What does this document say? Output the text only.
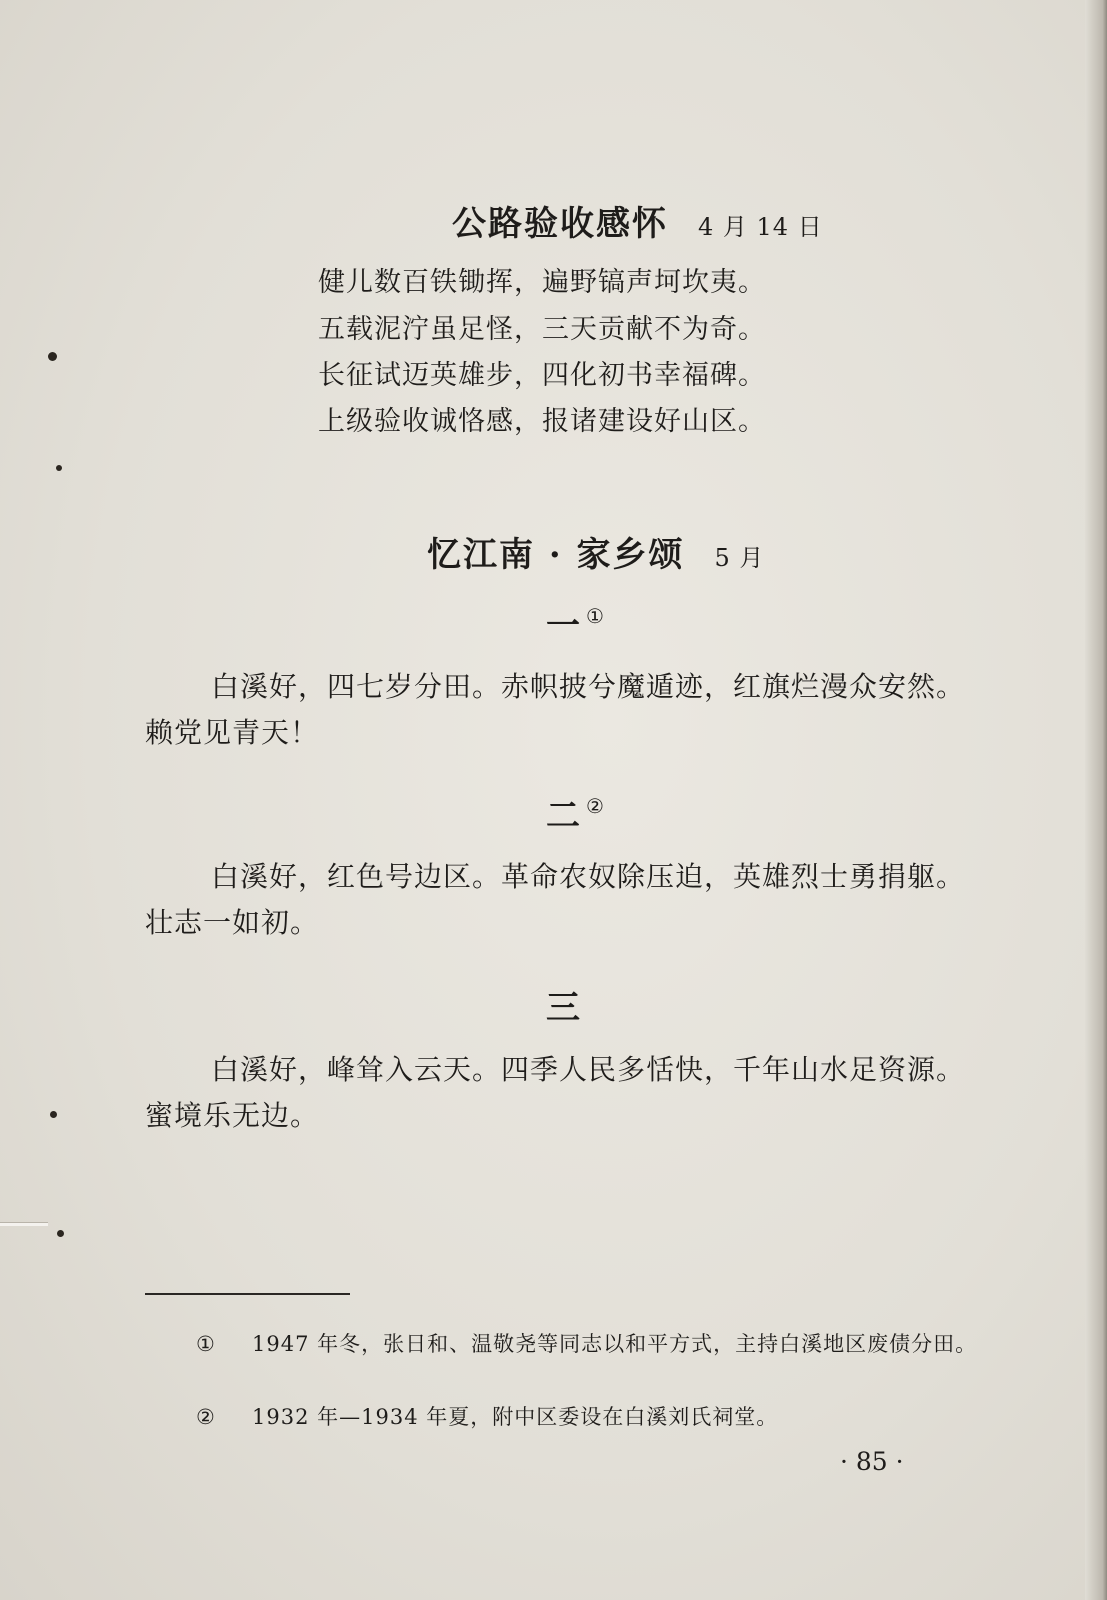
公路验收感怀 4 月 14 日
健儿数百铁锄挥，遍野镐声坷坎夷。
五载泥泞虽足怪，三天贡献不为奇。
长征试迈英雄步，四化初书幸福碑。
上级验收诚恪感，报诸建设好山区。
忆江南 · 家乡颂 5 月
一 ①

白溪好，四七岁分田。赤帜披兮魔遁迹，红旗烂漫众安然。赖党见青天！

二 ②

白溪好，红色号边区。革命农奴除压迫，英雄烈士勇捐躯。壮志一如初。

三

白溪好，峰耸入云天。四季人民多恬快，千年山水足资源。蜜境乐无边。

① 1947 年冬，张日和、温敬尧等同志以和平方式，主持白溪地区废债分田。
② 1932 年—1934 年夏，附中区委设在白溪刘氏祠堂。
· 85 ·
